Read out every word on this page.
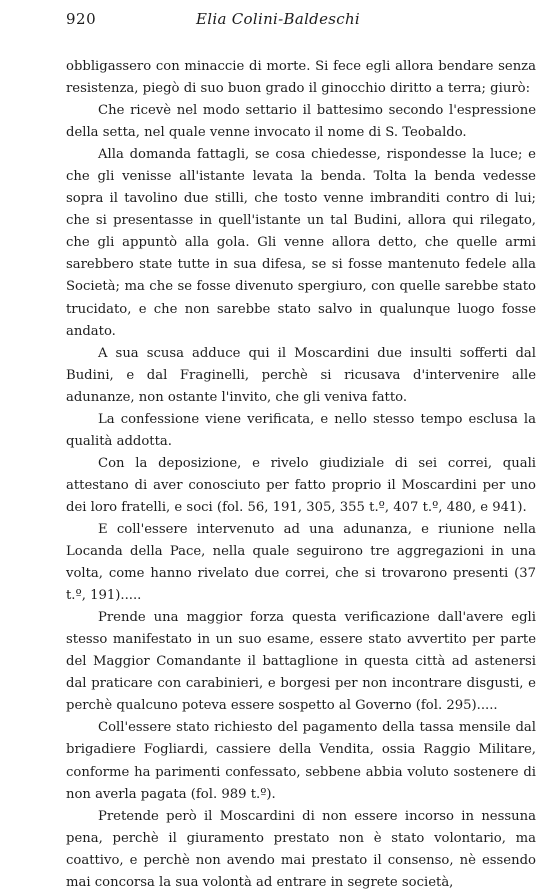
920	Elia Colini-Baldeschi

obbligassero con minaccie di morte. Si fece egli allora bendare senza resistenza, piegò di suo buon grado il ginocchio diritto a terra; giurò:

Che ricevè nel modo settario il battesimo secondo l'espressione della setta, nel quale venne invocato il nome di S. Teobaldo.

Alla domanda fattagli, se cosa chiedesse, rispondesse la luce; e che gli venisse all'istante levata la benda. Tolta la benda vedesse sopra il tavolino due stilli, che tosto venne imbranditi contro di lui; che si presentasse in quell'istante un tal Budini, allora qui rilegato, che gli appuntò alla gola. Gli venne allora detto, che quelle armi sarebbero state tutte in sua difesa, se si fosse mantenuto fedele alla Società; ma che se fosse divenuto spergiuro, con quelle sarebbe stato trucidato, e che non sarebbe stato salvo in qualunque luogo fosse andato.

A sua scusa adduce qui il Moscardini due insulti sofferti dal Budini, e dal Fraginelli, perchè si ricusava d'intervenire alle adunanze, non ostante l'invito, che gli veniva fatto.

La confessione viene verificata, e nello stesso tempo esclusa la qualità addotta.

Con la deposizione, e rivelo giudiziale di sei correi, quali attestano di aver conosciuto per fatto proprio il Moscardini per uno dei loro fratelli, e soci (fol. 56, 191, 305, 355 t.º, 407 t.º, 480, e 941).

E coll'essere intervenuto ad una adunanza, e riunione nella Locanda della Pace, nella quale seguirono tre aggregazioni in una volta, come hanno rivelato due correi, che si trovarono presenti (37 t.º, 191).....

Prende una maggior forza questa verificazione dall'avere egli stesso manifestato in un suo esame, essere stato avvertito per parte del Maggior Comandante il battaglione in questa città ad astenersi dal praticare con carabinieri, e borgesi per non incontrare disgusti, e perchè qualcuno poteva essere sospetto al Governo (fol. 295).....

Coll'essere stato richiesto del pagamento della tassa mensile dal brigadiere Fogliardi, cassiere della Vendita, ossia Raggio Militare, conforme ha parimenti confessato, sebbene abbia voluto sostenere di non averla pagata (fol. 989 t.º).

Pretende però il Moscardini di non essere incorso in nessuna pena, perchè il giuramento prestato non è stato volontario, ma coattivo, e perchè non avendo mai prestato il consenso, nè essendo mai concorsa la sua volontà ad entrare in segrete società,
